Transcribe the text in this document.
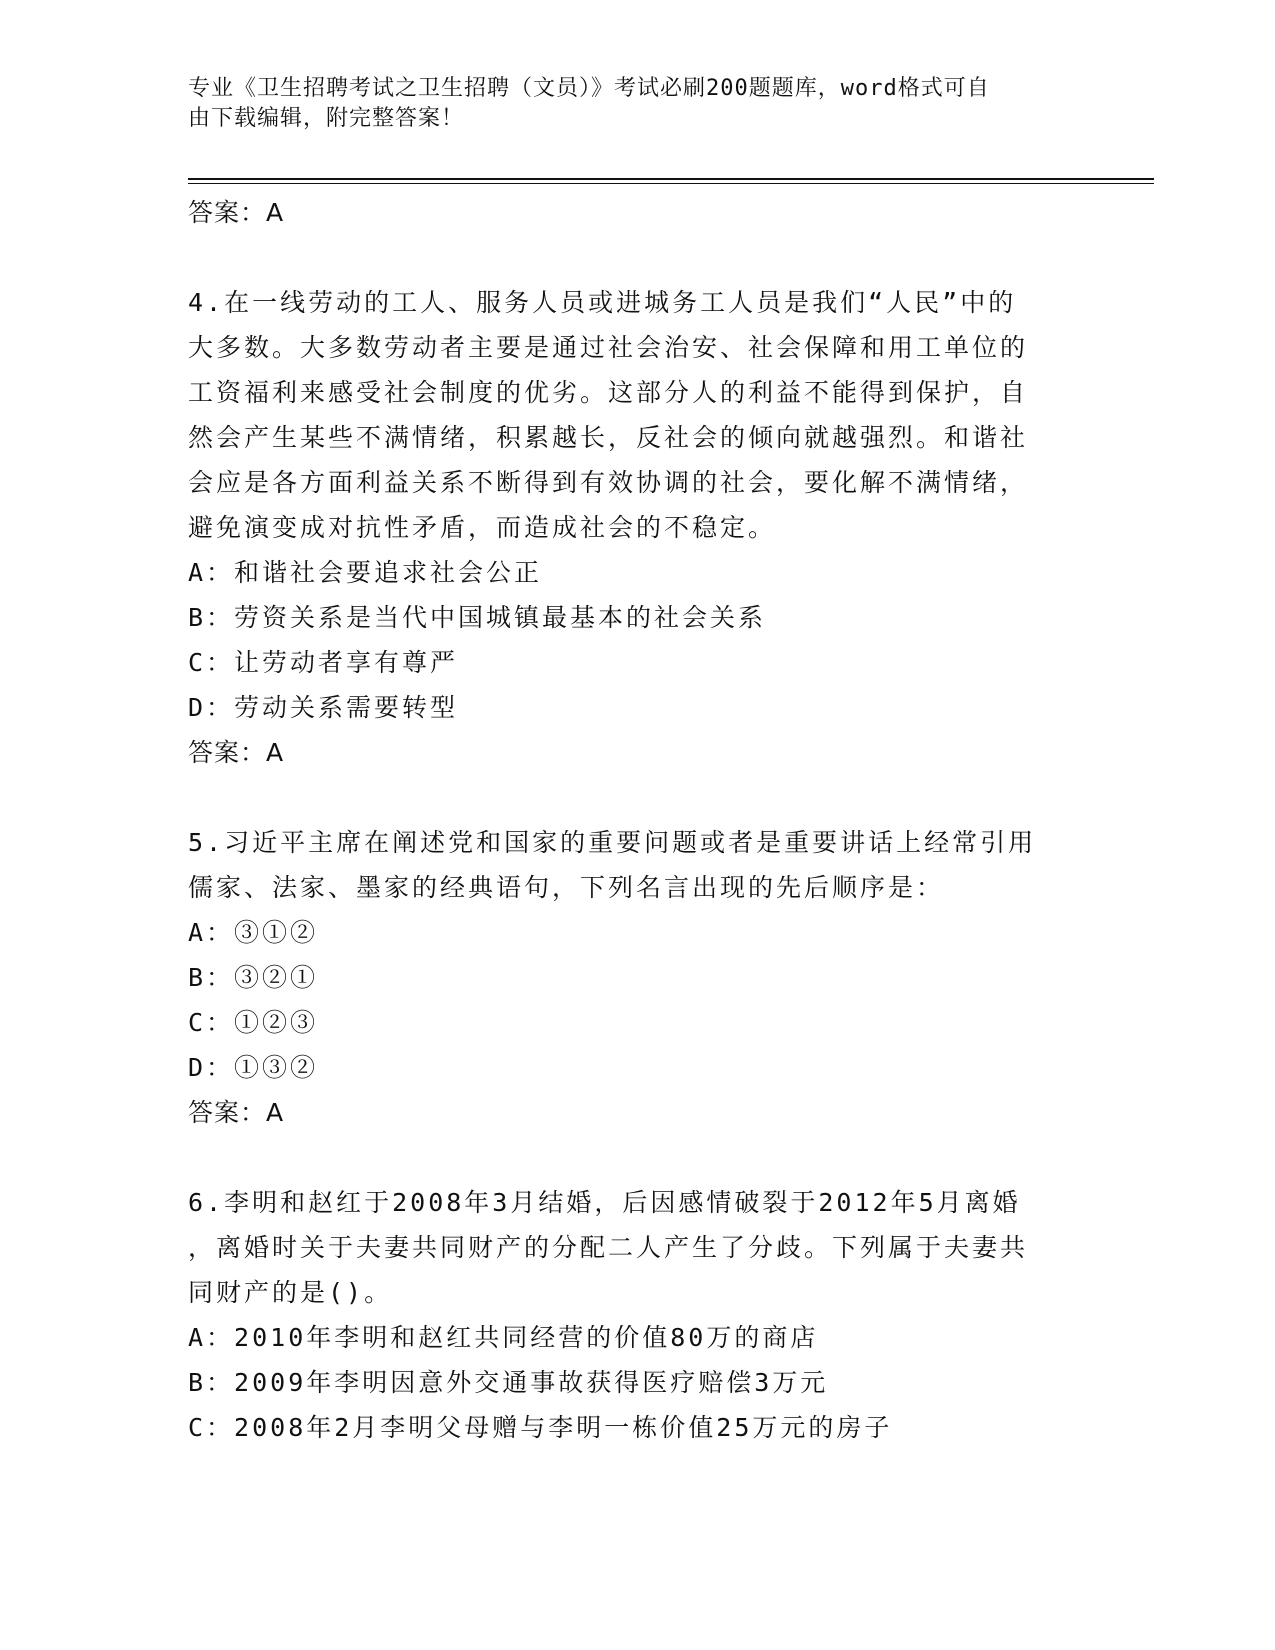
专业《卫生招聘考试之卫生招聘（文员）》考试必刷200题题库，word格式可自
由下载编辑，附完整答案！
答案：A
4.在一线劳动的工人、服务人员或进城务工人员是我们“人民”中的
大多数。大多数劳动者主要是通过社会治安、社会保障和用工单位的
工资福利来感受社会制度的优劣。这部分人的利益不能得到保护，自
然会产生某些不满情绪，积累越长，反社会的倾向就越强烈。和谐社
会应是各方面利益关系不断得到有效协调的社会，要化解不满情绪，
避免演变成对抗性矛盾，而造成社会的不稳定。
A：和谐社会要追求社会公正
B：劳资关系是当代中国城镇最基本的社会关系
C：让劳动者享有尊严
D：劳动关系需要转型
答案：A
5.习近平主席在阐述党和国家的重要问题或者是重要讲话上经常引用
儒家、法家、墨家的经典语句，下列名言出现的先后顺序是：
A：③①②
B：③②①
C：①②③
D：①③②
答案：A
6.李明和赵红于2008年3月结婚，后因感情破裂于2012年5月离婚
，离婚时关于夫妻共同财产的分配二人产生了分歧。下列属于夫妻共
同财产的是()。
A：2010年李明和赵红共同经营的价值80万的商店
B：2009年李明因意外交通事故获得医疗赔偿3万元
C：2008年2月李明父母赠与李明一栋价值25万元的房子
